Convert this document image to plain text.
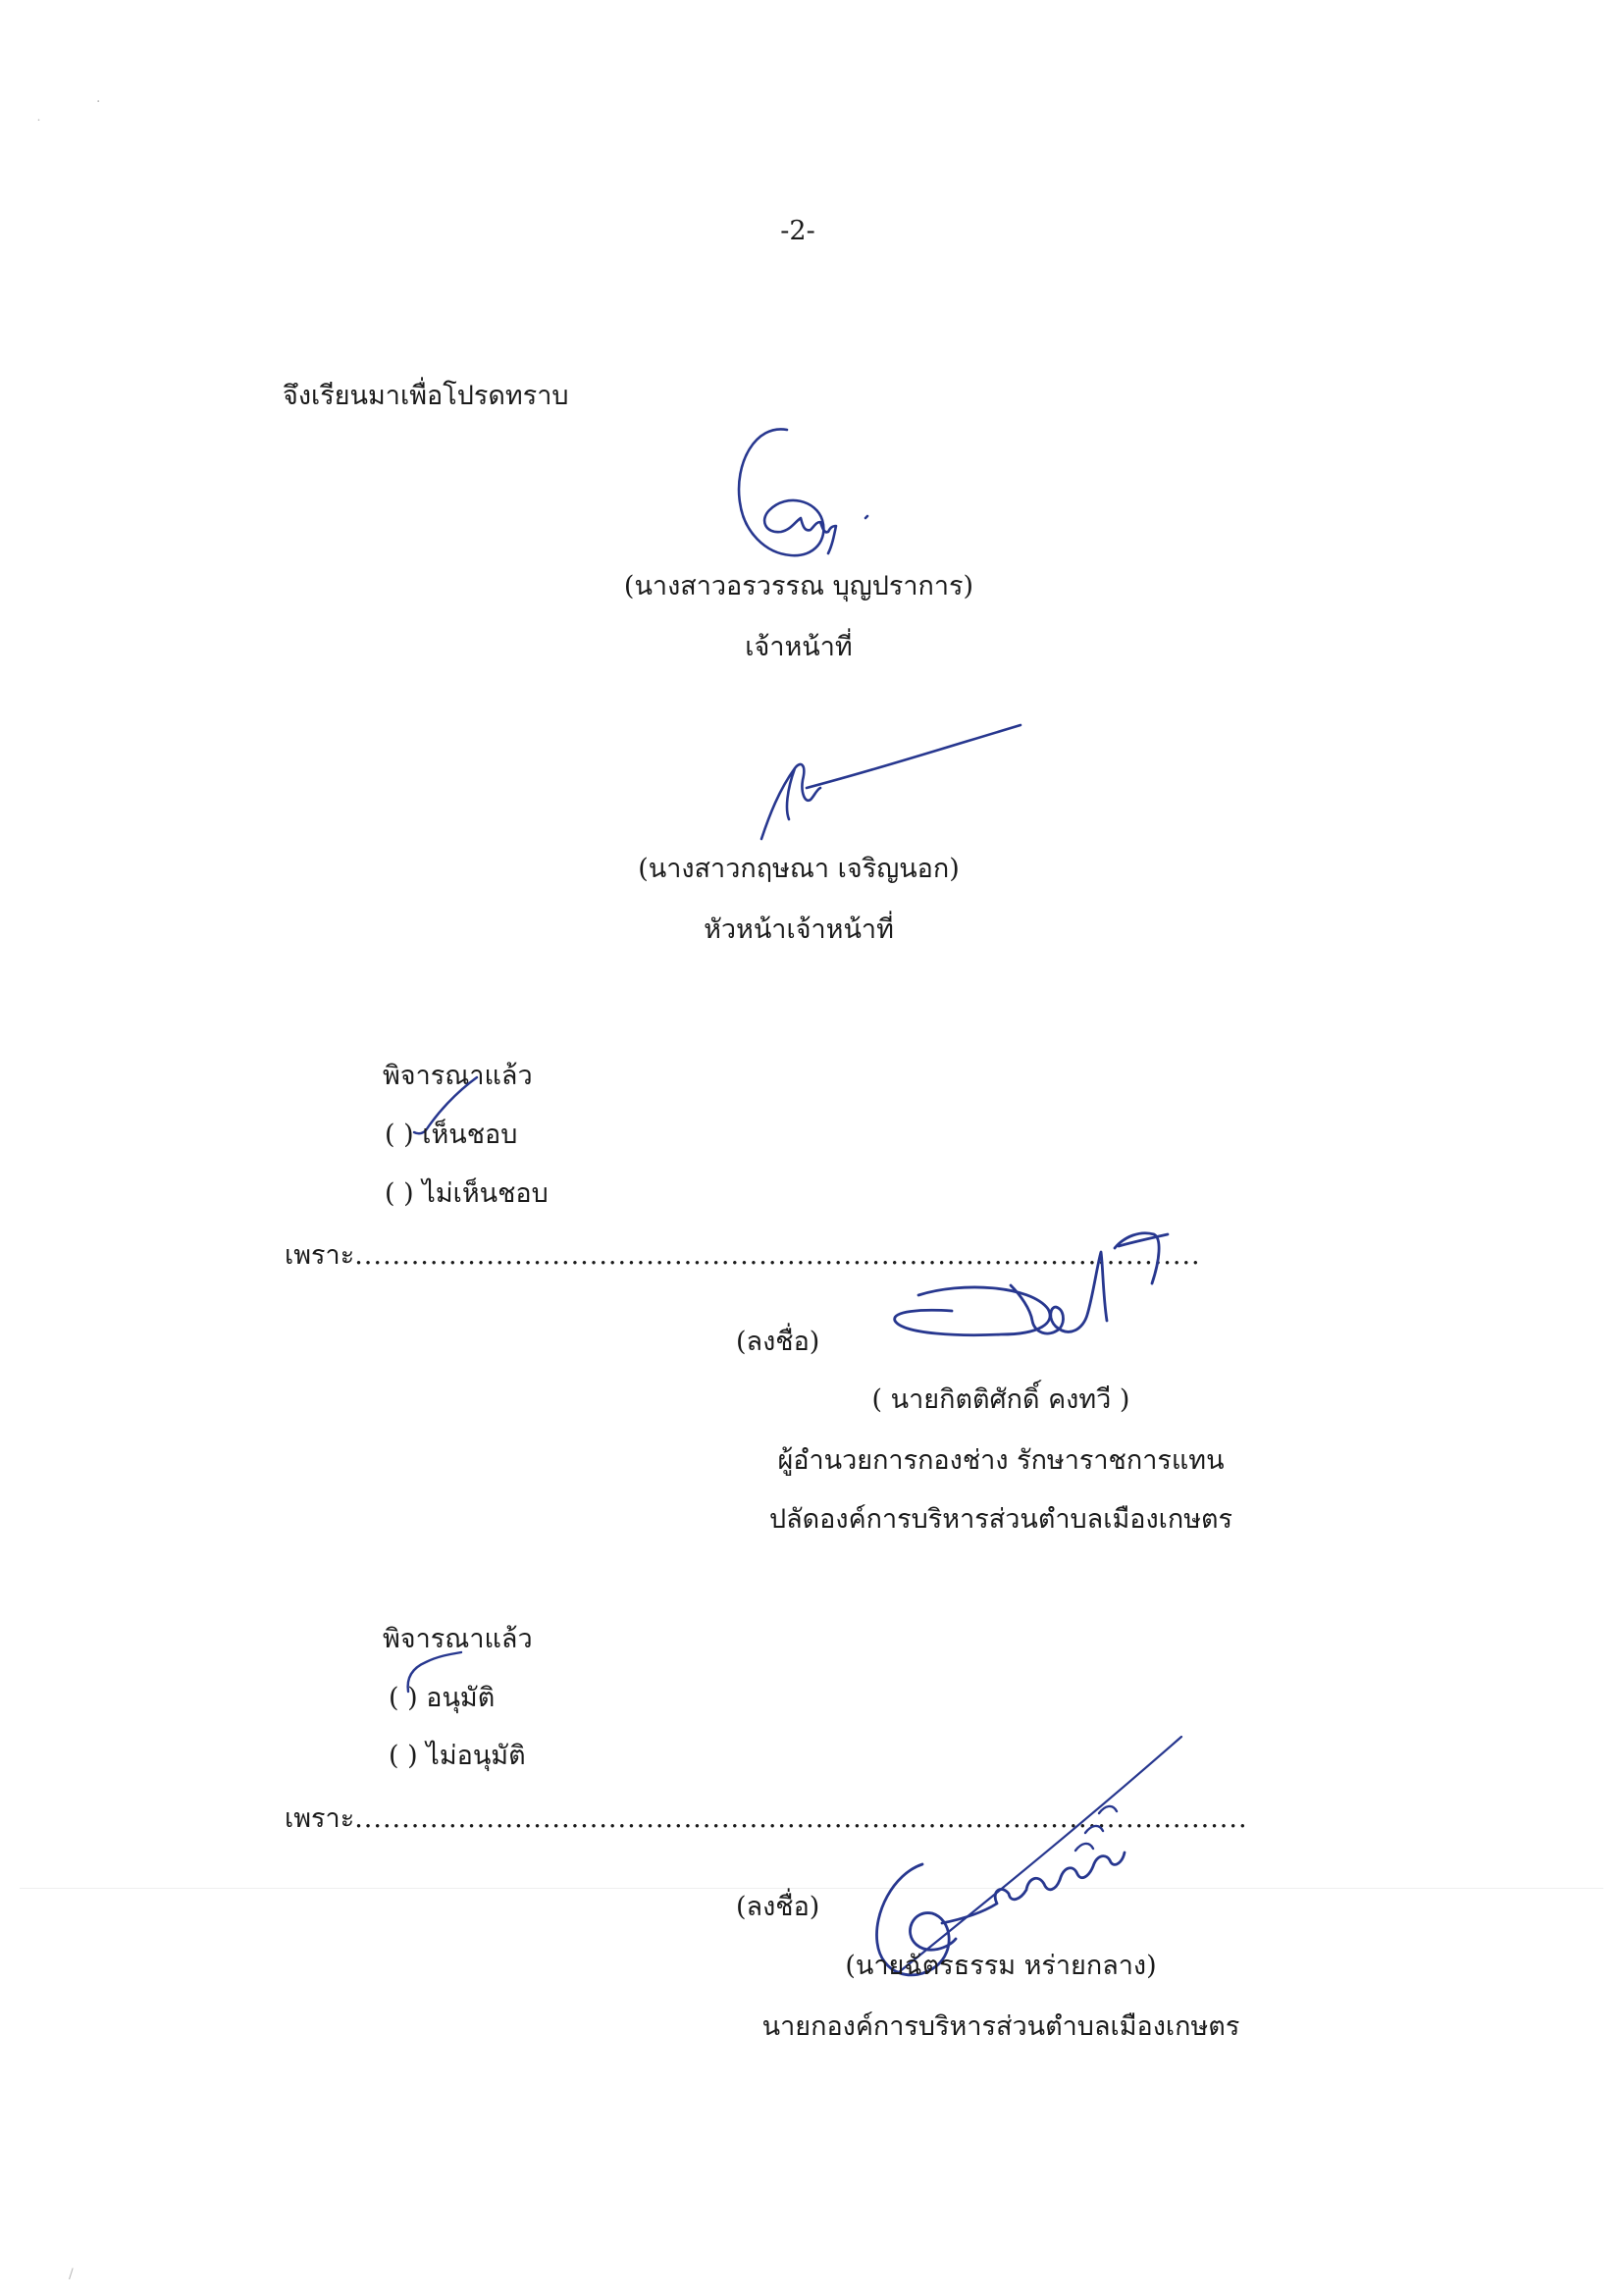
˙
·
/
-2-
จึงเรียนมาเพื่อโปรดทราบ
(นางสาวอรวรรณ บุญปราการ)
เจ้าหน้าที่
(นางสาวกฤษณา เจริญนอก)
หัวหน้าเจ้าหน้าที่
พิจารณาแล้ว
( ) เห็นชอบ
( ) ไม่เห็นชอบ
เพราะ..........................................................................................
(ลงชื่อ)
( นายกิตติศักดิ์ คงทวี )
ผู้อำนวยการกองช่าง รักษาราชการแทน
ปลัดองค์การบริหารส่วนตำบลเมืองเกษตร
พิจารณาแล้ว
( ) อนุมัติ
( ) ไม่อนุมัติ
เพราะ...............................................................................................
(ลงชื่อ)
(นายฉัตรธรรม หร่ายกลาง)
นายกองค์การบริหารส่วนตำบลเมืองเกษตร
